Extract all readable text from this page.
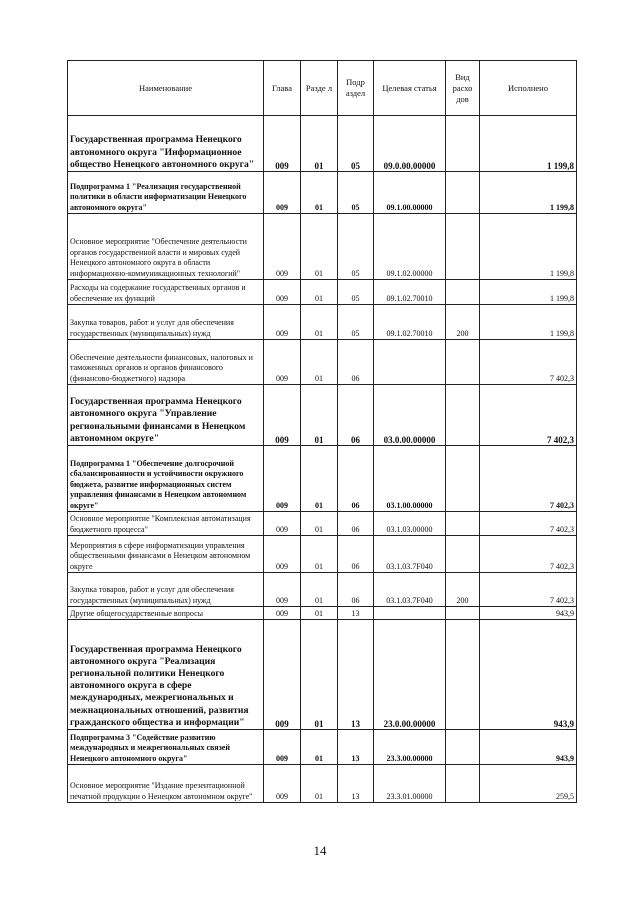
Наименование	Глава	Разде л	Подр аздел	Целевая статья	Вид расхо дов	Исполнено
Государственная программа Ненецкого автономного округа "Информационное общество Ненецкого автономного округа"	009	01	05	09.0.00.00000		1 199,8
Подпрограмма 1 "Реализация государственной политики в области информатизации Ненецкого автономного округа"	009	01	05	09.1.00.00000		1 199,8
Основное мероприятие "Обеспечение деятельности органов государственной власти и мировых судей Ненецкого автономного округа в области информационно-коммуникационных технологий"	009	01	05	09.1.02.00000		1 199,8
Расходы на содержание государственных органов и обеспечение их функций	009	01	05	09.1.02.70010		1 199,8
Закупка товаров, работ и услуг для обеспечения государственных (муниципальных) нужд	009	01	05	09.1.02.70010	200	1 199,8
Обеспечение деятельности финансовых, налоговых и таможенных органов и органов финансового (финансово-бюджетного) надзора	009	01	06			7 402,3
Государственная программа Ненецкого автономного округа "Управление региональными финансами в Ненецком автономном округе"	009	01	06	03.0.00.00000		7 402,3
Подпрограмма 1 "Обеспечение долгосрочной сбалансированности и устойчивости окружного бюджета, развитие информационных систем управления финансами в Ненецком автономном округе"	009	01	06	03.1.00.00000		7 402,3
Основное мероприятие "Комплексная автоматизация бюджетного процесса"	009	01	06	03.1.03.00000		7 402,3
Мероприятия в сфере информатизации управления общественными финансами в Ненецком автономном округе	009	01	06	03.1.03.7F040		7 402,3
Закупка товаров, работ и услуг для обеспечения государственных (муниципальных) нужд	009	01	06	03.1.03.7F040	200	7 402,3
Другие общегосударственные вопросы	009	01	13			943,9
Государственная программа Ненецкого автономного округа "Реализация региональной политики Ненецкого автономного округа в сфере международных, межрегиональных и межнациональных отношений, развития гражданского общества и информации"	009	01	13	23.0.00.00000		943,9
Подпрограмма 3 "Содействие развитию международных и межрегиональных связей Ненецкого автономного округа"	009	01	13	23.3.00.00000		943,9
Основное мероприятие "Издание презентационной печатной продукции о Ненецком автономном округе"	009	01	13	23.3.01.00000		259,5
14
